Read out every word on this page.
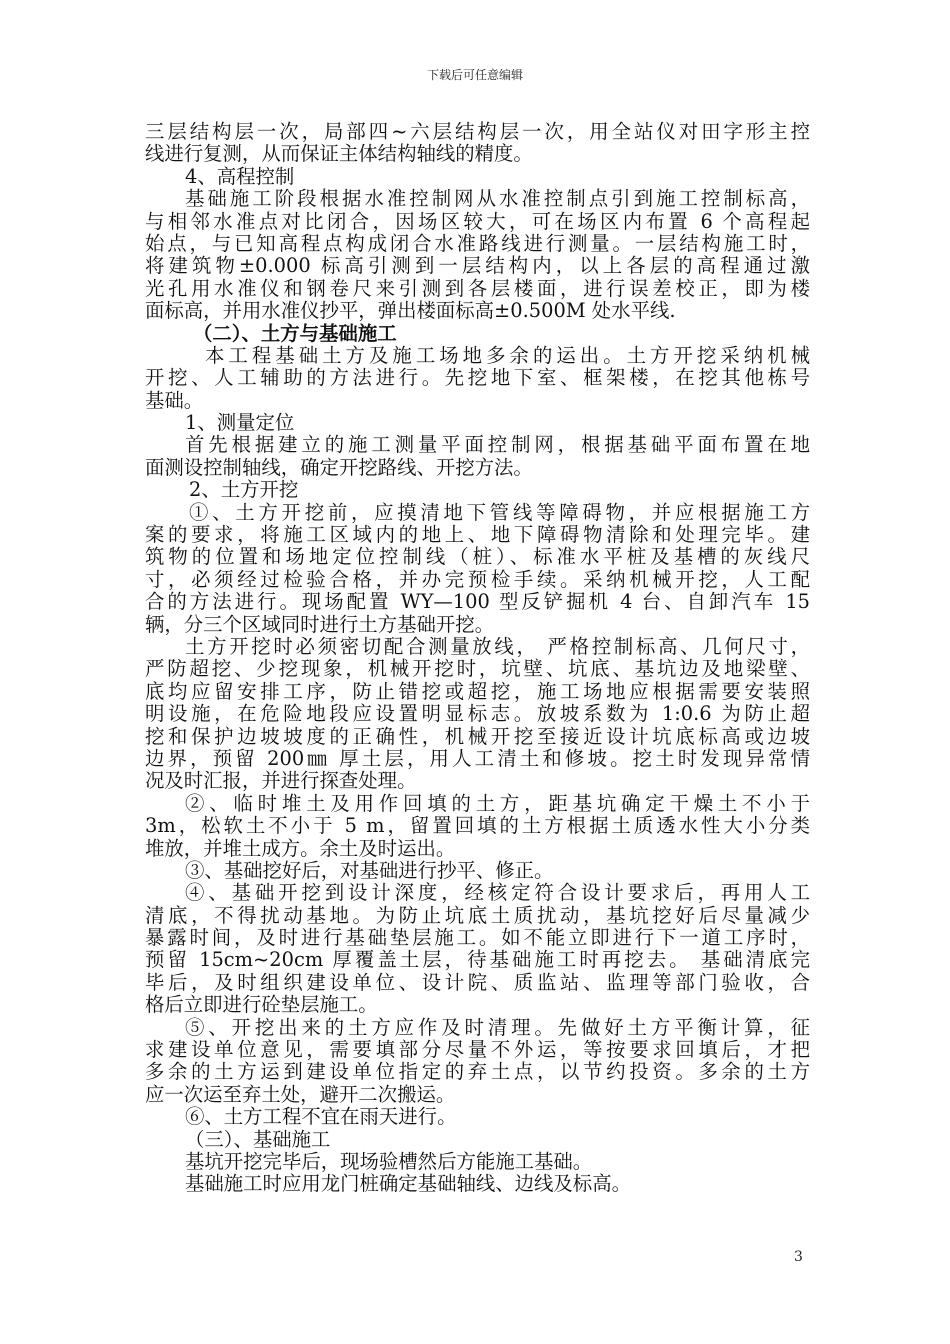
下载后可任意编辑
三层结构层一次，局部四~六层结构层一次，用全站仪对田字形主控
线进行复测，从而保证主体结构轴线的精度。
4、高程控制
基础施工阶段根据水准控制网从水准控制点引到施工控制标高，
与相邻水准点对比闭合，因场区较大，可在场区内布置 6 个高程起
始点，与已知高程点构成闭合水准路线进行测量。一层结构施工时，
将建筑物±0.000 标高引测到一层结构内，以上各层的高程通过激
光孔用水准仪和钢卷尺来引测到各层楼面，进行误差校正，即为楼
面标高，并用水准仪抄平，弹出楼面标高±0.500M 处水平线.
（二）、土方与基础施工
本工程基础土方及施工场地多余的运出。土方开挖采纳机械
开挖、人工辅助的方法进行。先挖地下室、框架楼，在挖其他栋号
基础。
1、测量定位
首先根据建立的施工测量平面控制网，根据基础平面布置在地
面测设控制轴线，确定开挖路线、开挖方法。
2、土方开挖
①、土方开挖前，应摸清地下管线等障碍物，并应根据施工方
案的要求，将施工区域内的地上、地下障碍物清除和处理完毕。建
筑物的位置和场地定位控制线（桩）、标准水平桩及基槽的灰线尺
寸，必须经过检验合格，并办完预检手续。采纳机械开挖，人工配
合的方法进行。现场配置 WY—100 型反铲掘机 4 台、自卸汽车 15
辆，分三个区域同时进行土方基础开挖。
土方开挖时必须密切配合测量放线， 严格控制标高、几何尺寸，
严防超挖、少挖现象，机械开挖时，坑壁、坑底、基坑边及地梁壁、
底均应留安排工序，防止错挖或超挖，施工场地应根据需要安装照
明设施，在危险地段应设置明显标志。放坡系数为 1:0.6 为防止超
挖和保护边坡坡度的正确性，机械开挖至接近设计坑底标高或边坡
边界，预留 200㎜ 厚土层，用人工清土和修坡。挖土时发现异常情
况及时汇报，并进行探查处理。
②、临时堆土及用作回填的土方，距基坑确定干燥土不小于
3m，松软土不小于 5 m，留置回填的土方根据土质透水性大小分类
堆放，并堆土成方。余土及时运出。
③、基础挖好后，对基础进行抄平、修正。
④、基础开挖到设计深度，经核定符合设计要求后，再用人工
清底，不得扰动基地。为防止坑底土质扰动，基坑挖好后尽量减少
暴露时间，及时进行基础垫层施工。如不能立即进行下一道工序时，
预留 15cm~20cm 厚覆盖土层，待基础施工时再挖去。 基础清底完
毕后，及时组织建设单位、设计院、质监站、监理等部门验收，合
格后立即进行砼垫层施工。
⑤、开挖出来的土方应作及时清理。先做好土方平衡计算，征
求建设单位意见，需要填部分尽量不外运，等按要求回填后，才把
多余的土方运到建设单位指定的弃土点，以节约投资。多余的土方
应一次运至弃土处，避开二次搬运。
⑥、土方工程不宜在雨天进行。
（三）、基础施工
基坑开挖完毕后，现场验槽然后方能施工基础。
基础施工时应用龙门桩确定基础轴线、边线及标高。
3
